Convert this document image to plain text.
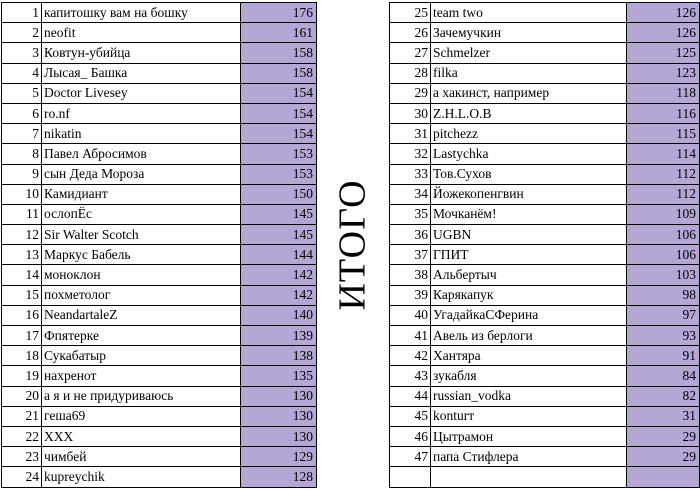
1	капитошку вам на бошку	176
2	neofit	161
3	Ковтун-убийца	158
4	Лысая_ Башка	158
5	Doctor Livesey	154
6	ro.nf	154
7	nikatin	154
8	Павел Абросимов	153
9	сын Деда Мороза	153
10	Камидиант	150
11	ослопЁс	145
12	Sir Walter Scotch	145
13	Маркус Бабель	144
14	моноклон	142
15	похметолог	142
16	NeandartaleZ	140
17	Фпятерке	139
18	Сукабатыр	138
19	нахренот	135
20	а я и не придуриваюсь	130
21	геша69	130
22	XXX	130
23	чимбей	129
24	kupreychik	128
ИТОГО
25	team two	126
26	Зачемучкин	126
27	Schmelzer	125
28	filka	123
29	а хакинст, например	118
30	Z.H.L.O.B	116
31	pitchezz	115
32	Lastychka	114
33	Тов.Сухов	112
34	Йожекопенгвин	112
35	Мочканём!	109
36	UGBN	106
37	ГПИТ	106
38	Альбертыч	103
39	Карякапук	98
40	УгадайкаСФерина	97
41	Авель из берлоги	93
42	Хантяра	91
43	зукабля	84
44	russian_vodka	82
45	konturт	31
46	Цытрамон	29
47	папа Стифлера	29
